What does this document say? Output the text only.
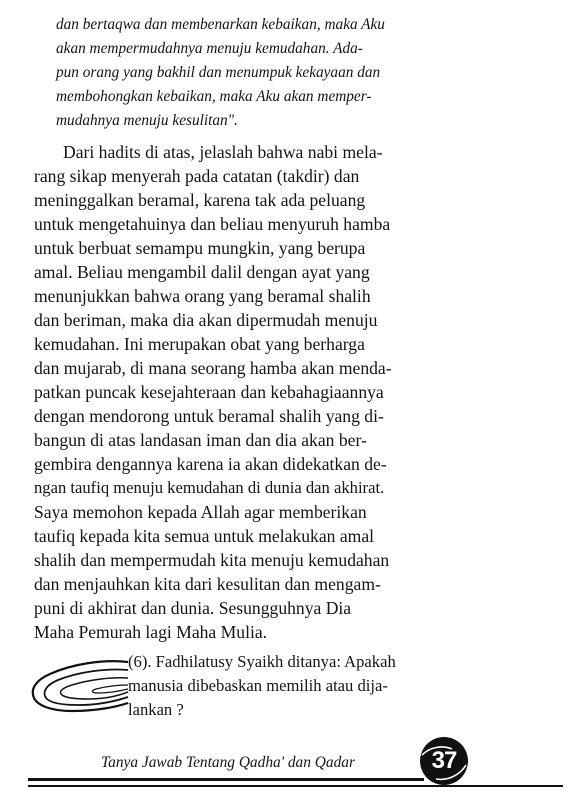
dan bertaqwa dan membenarkan kebaikan, maka Aku
akan mempermudahnya menuju kemudahan. Ada-
pun orang yang bakhil dan menumpuk kekayaan dan
membohongkan kebaikan, maka Aku akan memper-
mudahnya menuju kesulitan".
Dari hadits di atas, jelaslah bahwa nabi mela-
rang sikap menyerah pada catatan (takdir) dan
meninggalkan beramal, karena tak ada peluang
untuk mengetahuinya dan beliau menyuruh hamba
untuk berbuat semampu mungkin, yang berupa
amal. Beliau mengambil dalil dengan ayat yang
menunjukkan bahwa orang yang beramal shalih
dan beriman, maka dia akan dipermudah menuju
kemudahan. Ini merupakan obat yang berharga
dan mujarab, di mana seorang hamba akan menda-
patkan puncak kesejahteraan dan kebahagiaannya
dengan mendorong untuk beramal shalih yang di-
bangun di atas landasan iman dan dia akan ber-
gembira dengannya karena ia akan didekatkan de-
ngan taufiq menuju kemudahan di dunia dan akhirat.
Saya memohon kepada Allah agar memberikan
taufiq kepada kita semua untuk melakukan amal
shalih dan mempermudah kita menuju kemudahan
dan menjauhkan kita dari kesulitan dan mengam-
puni di akhirat dan dunia. Sesungguhnya Dia
Maha Pemurah lagi Maha Mulia.
(6). Fadhilatusy Syaikh ditanya: Apakah
manusia dibebaskan memilih atau dija-
lankan ?
Tanya Jawab Tentang Qadha' dan Qadar	37
